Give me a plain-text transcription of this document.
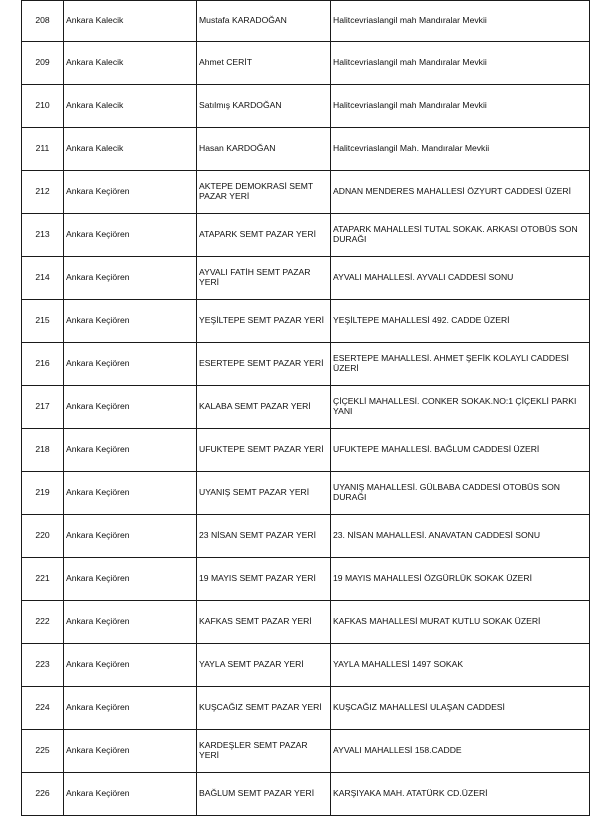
208	Ankara Kalecik	Mustafa KARADOĞAN	Halitcevriaslangil mah Mandıralar Mevkii
209	Ankara Kalecik	Ahmet CERİT	Halitcevriaslangil mah Mandıralar Mevkii
210	Ankara Kalecik	Satılmış KARDOĞAN	Halitcevriaslangil mah Mandıralar Mevkii
211	Ankara Kalecik	Hasan KARDOĞAN	Halitcevriaslangil Mah. Mandıralar Mevkii
212	Ankara Keçiören	AKTEPE DEMOKRASİ SEMT PAZAR YERİ	ADNAN MENDERES MAHALLESİ ÖZYURT CADDESİ ÜZERİ
213	Ankara Keçiören	ATAPARK SEMT PAZAR YERİ	ATAPARK MAHALLESİ TUTAL SOKAK. ARKASI OTOBÜS SON DURAĞI
214	Ankara Keçiören	AYVALI FATİH SEMT PAZAR YERİ	AYVALI MAHALLESİ. AYVALI CADDESİ SONU
215	Ankara Keçiören	YEŞİLTEPE SEMT PAZAR YERİ	YEŞİLTEPE MAHALLESİ 492. CADDE ÜZERİ
216	Ankara Keçiören	ESERTEPE SEMT PAZAR YERİ	ESERTEPE MAHALLESİ. AHMET ŞEFİK KOLAYLI CADDESİ ÜZERİ
217	Ankara Keçiören	KALABA SEMT PAZAR YERİ	ÇİÇEKLİ MAHALLESİ. CONKER SOKAK.NO:1 ÇİÇEKLİ PARKI YANI
218	Ankara Keçiören	UFUKTEPE SEMT PAZAR YERİ	UFUKTEPE MAHALLESİ. BAĞLUM CADDESİ ÜZERİ
219	Ankara Keçiören	UYANIŞ SEMT PAZAR YERİ	UYANIŞ MAHALLESİ. GÜLBABA CADDESİ OTOBÜS SON DURAĞI
220	Ankara Keçiören	23 NİSAN SEMT PAZAR YERİ	23. NİSAN MAHALLESİ. ANAVATAN CADDESİ SONU
221	Ankara Keçiören	19 MAYIS SEMT PAZAR YERİ	19 MAYIS MAHALLESİ ÖZGÜRLÜK SOKAK ÜZERİ
222	Ankara Keçiören	KAFKAS SEMT PAZAR YERİ	KAFKAS MAHALLESİ MURAT KUTLU SOKAK ÜZERİ
223	Ankara Keçiören	YAYLA SEMT PAZAR YERİ	YAYLA MAHALLESİ 1497 SOKAK
224	Ankara Keçiören	KUŞCAĞIZ SEMT PAZAR YERİ	KUŞCAĞIZ MAHALLESİ ULAŞAN CADDESİ
225	Ankara Keçiören	KARDEŞLER SEMT PAZAR YERİ	AYVALI MAHALLESİ 158.CADDE
226	Ankara Keçiören	BAĞLUM SEMT PAZAR YERİ	KARŞIYAKA MAH. ATATÜRK CD.ÜZERİ
